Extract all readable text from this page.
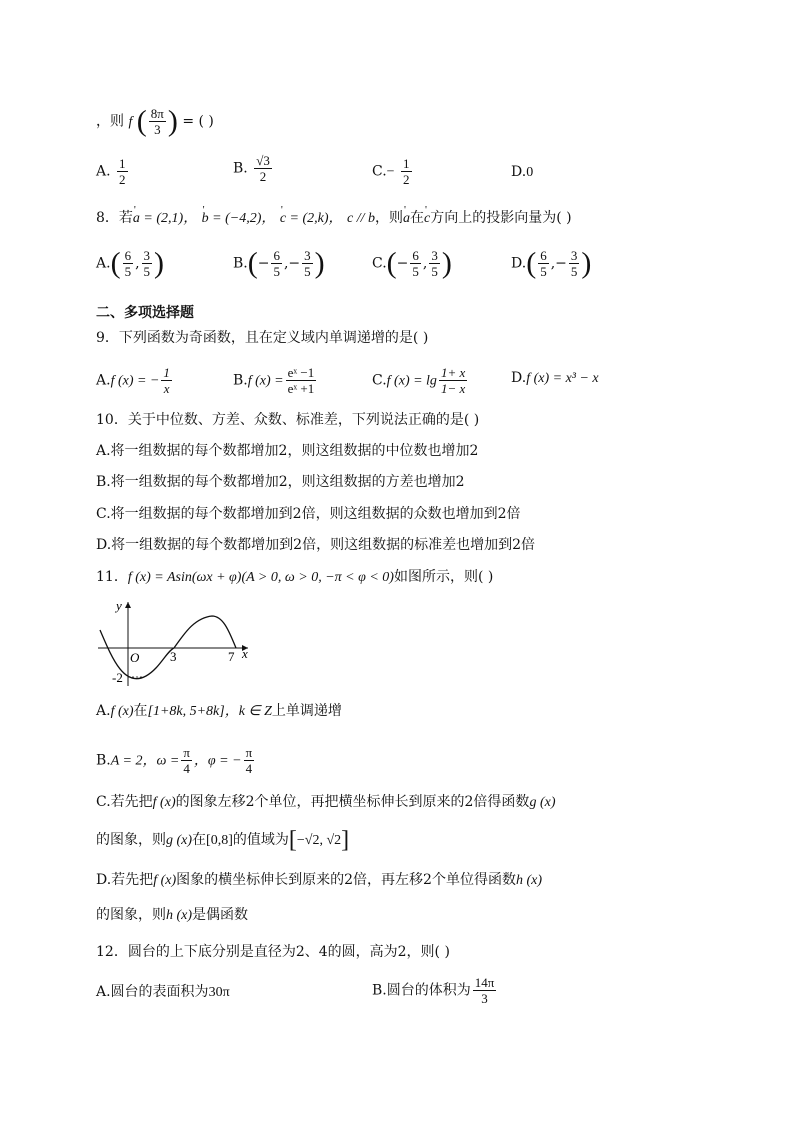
，则 f ( $\frac{8\pi}{3}$ ) = ( )
A. $\frac{1}{2}$	B. $\frac{√3}{2}$	$C.- \frac{1}{2}$	D.0
8．若' a = (2,1)， ' b = (−4,2)， ' c = (2,k)， c // b，则' a在' c方向上的投影向量为( )
$A.( \frac{6}{5}$ , $\frac{3}{5}$ )	$B.(- \frac{6}{5}$ ,− $\frac{3}{5}$ )	$C.(- \frac{6}{5}$ , $\frac{3}{5}$ )	$D.( \frac{6}{5}$ ,− $\frac{3}{5}$ )
二、多项选择题
9．下列函数为奇函数，且在定义域内单调递增的是( )
A.f (x) = − $\frac{1}{x}$	B.f $(x) = \frac{\text{eˣ −1}}{\text{eˣ +1}}$	C.f $(x) = \lg \frac{1+ x}{1- x}$	D.f (x) = x³ − x
10．关于中位数、方差、众数、标准差，下列说法正确的是( )
A.将一组数据的每个数都增加2，则这组数据的中位数也增加2
B.将一组数据的每个数都增加2，则这组数据的方差也增加2
C.将一组数据的每个数都增加到2倍，则这组数据的众数也增加到2倍
D.将一组数据的每个数都增加到2倍，则这组数据的标准差也增加到2倍
11．f (x) = Asin(ωx + φ)(A > 0, ω > 0, −π < φ < 0)如图所示，则( )
y
x
O 3	7
-2
A.f (x)在[1+8k, 5+8k]，k ∈ Z上单调递增
B.A = 2，$\omega = \frac{\pi}{4}$ ，φ = − $\frac{\pi}{4}$
C.若先把f (x)的图象左移2个单位，再把横坐标伸长到原来的2倍得函数g (x)
的图象，则g (x)在[0,8]的值域为[−√2, √2]
D.若先把f (x)图象的横坐标伸长到原来的2倍，再左移2个单位得函数h (x)
的图象，则h (x)是偶函数
12．圆台的上下底分别是直径为2、4的圆，高为2，则( )
A.圆台的表面积为30π	B.圆台的体积为 $\frac{14\pi}{3}$
